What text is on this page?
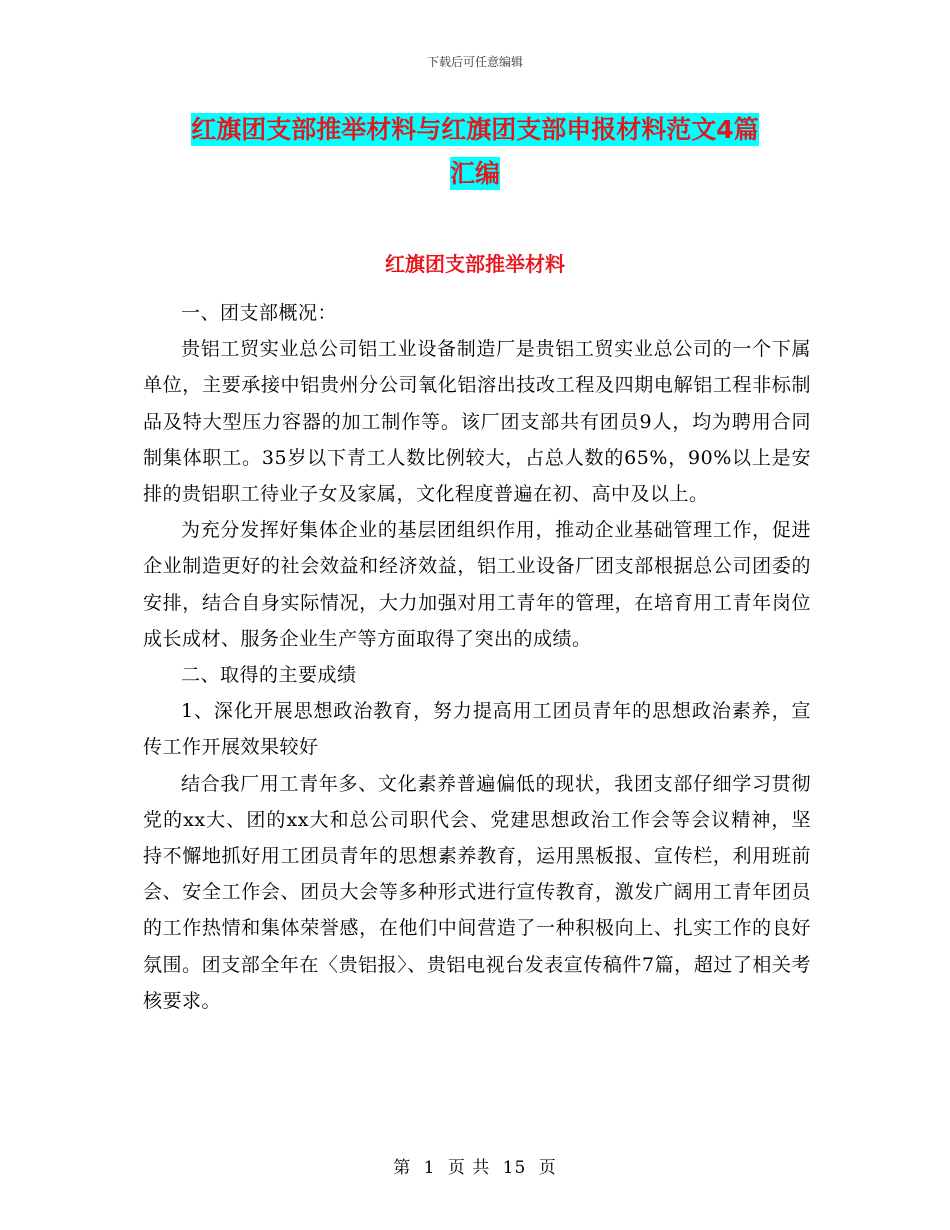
下载后可任意编辑
红旗团支部推举材料与红旗团支部申报材料范文4篇
汇编
红旗团支部推举材料

一、团支部概况：

贵铝工贸实业总公司铝工业设备制造厂是贵铝工贸实业总公司的一个下属单位，主要承接中铝贵州分公司氧化铝溶出技改工程及四期电解铝工程非标制品及特大型压力容器的加工制作等。该厂团支部共有团员9人，均为聘用合同制集体职工。35岁以下青工人数比例较大，占总人数的65%，90%以上是安排的贵铝职工待业子女及家属，文化程度普遍在初、高中及以上。

为充分发挥好集体企业的基层团组织作用，推动企业基础管理工作，促进企业制造更好的社会效益和经济效益，铝工业设备厂团支部根据总公司团委的安排，结合自身实际情况，大力加强对用工青年的管理，在培育用工青年岗位成长成材、服务企业生产等方面取得了突出的成绩。

二、取得的主要成绩

1、深化开展思想政治教育，努力提高用工团员青年的思想政治素养，宣传工作开展效果较好

结合我厂用工青年多、文化素养普遍偏低的现状，我团支部仔细学习贯彻党的xx大、团的xx大和总公司职代会、党建思想政治工作会等会议精神，坚持不懈地抓好用工团员青年的思想素养教育，运用黑板报、宣传栏，利用班前会、安全工作会、团员大会等多种形式进行宣传教育，激发广阔用工青年团员的工作热情和集体荣誉感，在他们中间营造了一种积极向上、扎实工作的良好氛围。团支部全年在〈贵铝报〉、贵铝电视台发表宣传稿件7篇，超过了相关考核要求。

第 1 页 共 15 页
